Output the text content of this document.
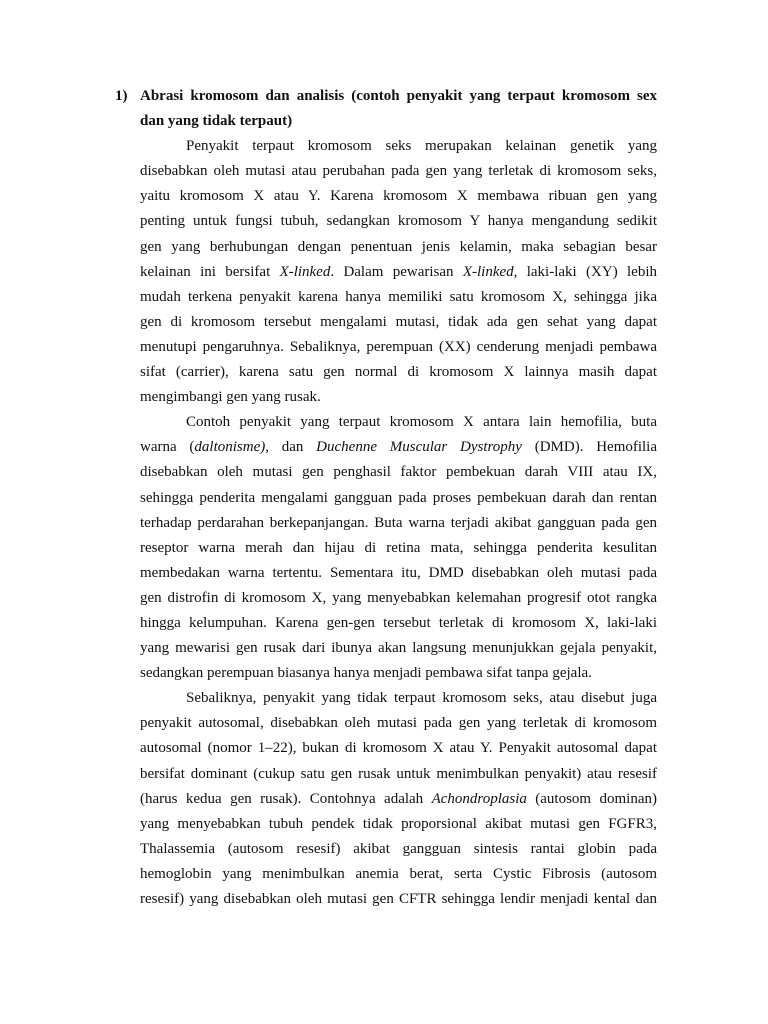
1) Abrasi kromosom dan analisis (contoh penyakit yang terpaut kromosom sex
dan yang tidak terpaut)
Penyakit terpaut kromosom seks merupakan kelainan genetik yang
disebabkan oleh mutasi atau perubahan pada gen yang terletak di kromosom seks,
yaitu kromosom X atau Y. Karena kromosom X membawa ribuan gen yang
penting untuk fungsi tubuh, sedangkan kromosom Y hanya mengandung sedikit
gen yang berhubungan dengan penentuan jenis kelamin, maka sebagian besar
kelainan ini bersifat X-linked. Dalam pewarisan X-linked, laki-laki (XY) lebih
mudah terkena penyakit karena hanya memiliki satu kromosom X, sehingga jika
gen di kromosom tersebut mengalami mutasi, tidak ada gen sehat yang dapat
menutupi pengaruhnya. Sebaliknya, perempuan (XX) cenderung menjadi pembawa
sifat (carrier), karena satu gen normal di kromosom X lainnya masih dapat
mengimbangi gen yang rusak.
Contoh penyakit yang terpaut kromosom X antara lain hemofilia, buta
warna (daltonisme), dan Duchenne Muscular Dystrophy (DMD). Hemofilia
disebabkan oleh mutasi gen penghasil faktor pembekuan darah VIII atau IX,
sehingga penderita mengalami gangguan pada proses pembekuan darah dan rentan
terhadap perdarahan berkepanjangan. Buta warna terjadi akibat gangguan pada gen
reseptor warna merah dan hijau di retina mata, sehingga penderita kesulitan
membedakan warna tertentu. Sementara itu, DMD disebabkan oleh mutasi pada
gen distrofin di kromosom X, yang menyebabkan kelemahan progresif otot rangka
hingga kelumpuhan. Karena gen-gen tersebut terletak di kromosom X, laki-laki
yang mewarisi gen rusak dari ibunya akan langsung menunjukkan gejala penyakit,
sedangkan perempuan biasanya hanya menjadi pembawa sifat tanpa gejala.
Sebaliknya, penyakit yang tidak terpaut kromosom seks, atau disebut juga
penyakit autosomal, disebabkan oleh mutasi pada gen yang terletak di kromosom
autosomal (nomor 1–22), bukan di kromosom X atau Y. Penyakit autosomal dapat
bersifat dominant (cukup satu gen rusak untuk menimbulkan penyakit) atau resesif
(harus kedua gen rusak). Contohnya adalah Achondroplasia (autosom dominan)
yang menyebabkan tubuh pendek tidak proporsional akibat mutasi gen FGFR3,
Thalassemia (autosom resesif) akibat gangguan sintesis rantai globin pada
hemoglobin yang menimbulkan anemia berat, serta Cystic Fibrosis (autosom
resesif) yang disebabkan oleh mutasi gen CFTR sehingga lendir menjadi kental dan
